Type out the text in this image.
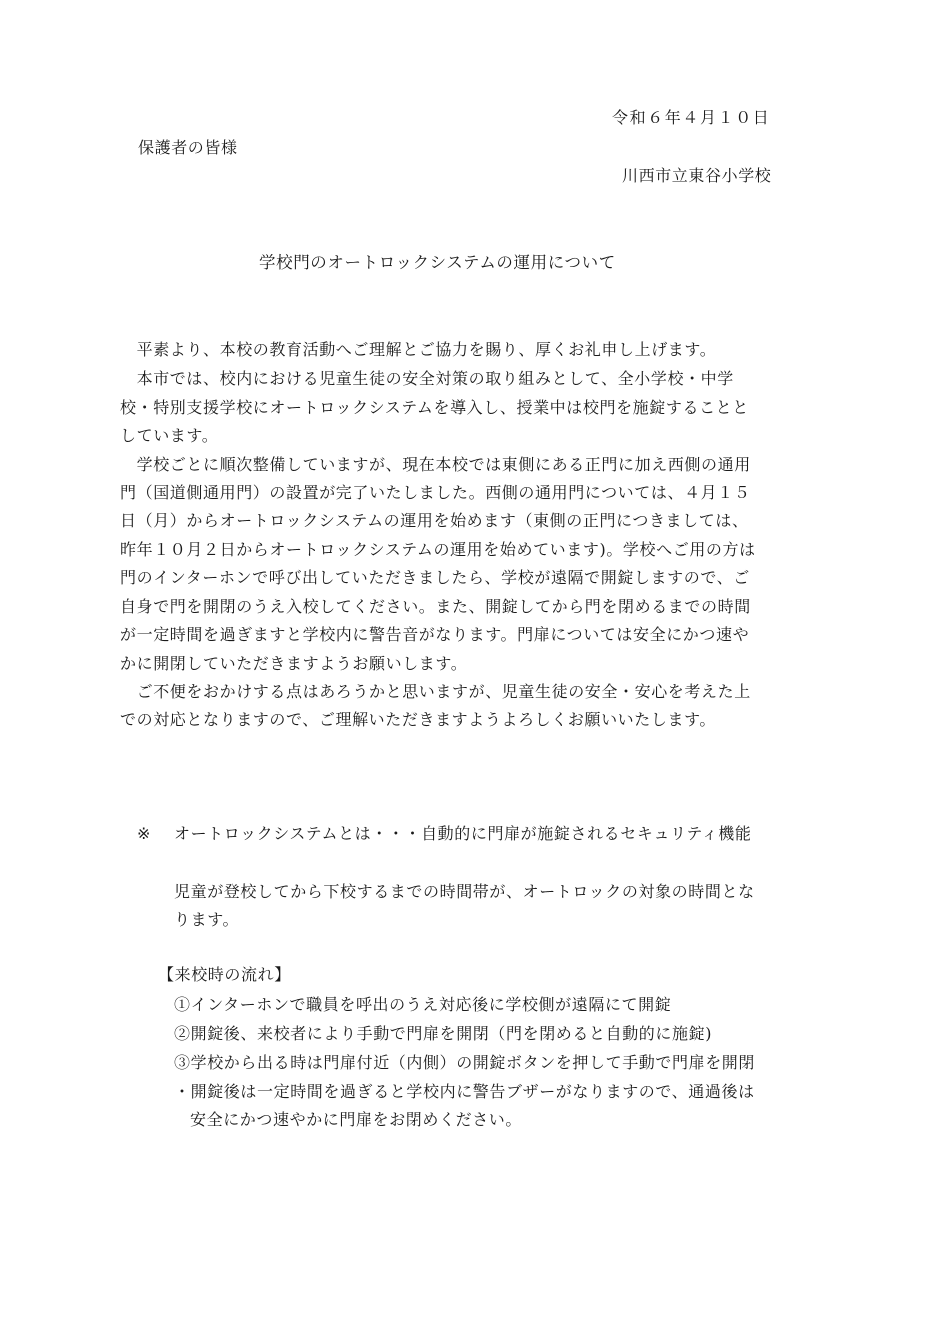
令和６年４月１０日
保護者の皆様
川西市立東谷小学校
学校門のオートロックシステムの運用について
　平素より、本校の教育活動へご理解とご協力を賜り、厚くお礼申し上げます。
　本市では、校内における児童生徒の安全対策の取り組みとして、全小学校・中学
校・特別支援学校にオートロックシステムを導入し、授業中は校門を施錠することと
しています。
　学校ごとに順次整備していますが、現在本校では東側にある正門に加え西側の通用
門（国道側通用門）の設置が完了いたしました。西側の通用門については、４月１５
日（月）からオートロックシステムの運用を始めます（東側の正門につきましては、
昨年１０月２日からオートロックシステムの運用を始めています)。学校へご用の方は
門のインターホンで呼び出していただきましたら、学校が遠隔で開錠しますので、ご
自身で門を開閉のうえ入校してください。また、開錠してから門を閉めるまでの時間
が一定時間を過ぎますと学校内に警告音がなります。門扉については安全にかつ速や
かに開閉していただきますようお願いします。
　ご不便をおかけする点はあろうかと思いますが、児童生徒の安全・安心を考えた上
での対応となりますので、ご理解いただきますようよろしくお願いいたします。
※ オートロックシステムとは・・・自動的に門扉が施錠されるセキュリティ機能
児童が登校してから下校するまでの時間帯が、オートロックの対象の時間とな
ります。
【来校時の流れ】
①インターホンで職員を呼出のうえ対応後に学校側が遠隔にて開錠
②開錠後、来校者により手動で門扉を開閉（門を閉めると自動的に施錠)
③学校から出る時は門扉付近（内側）の開錠ボタンを押して手動で門扉を開閉
・開錠後は一定時間を過ぎると学校内に警告ブザーがなりますので、通過後は
安全にかつ速やかに門扉をお閉めください。
